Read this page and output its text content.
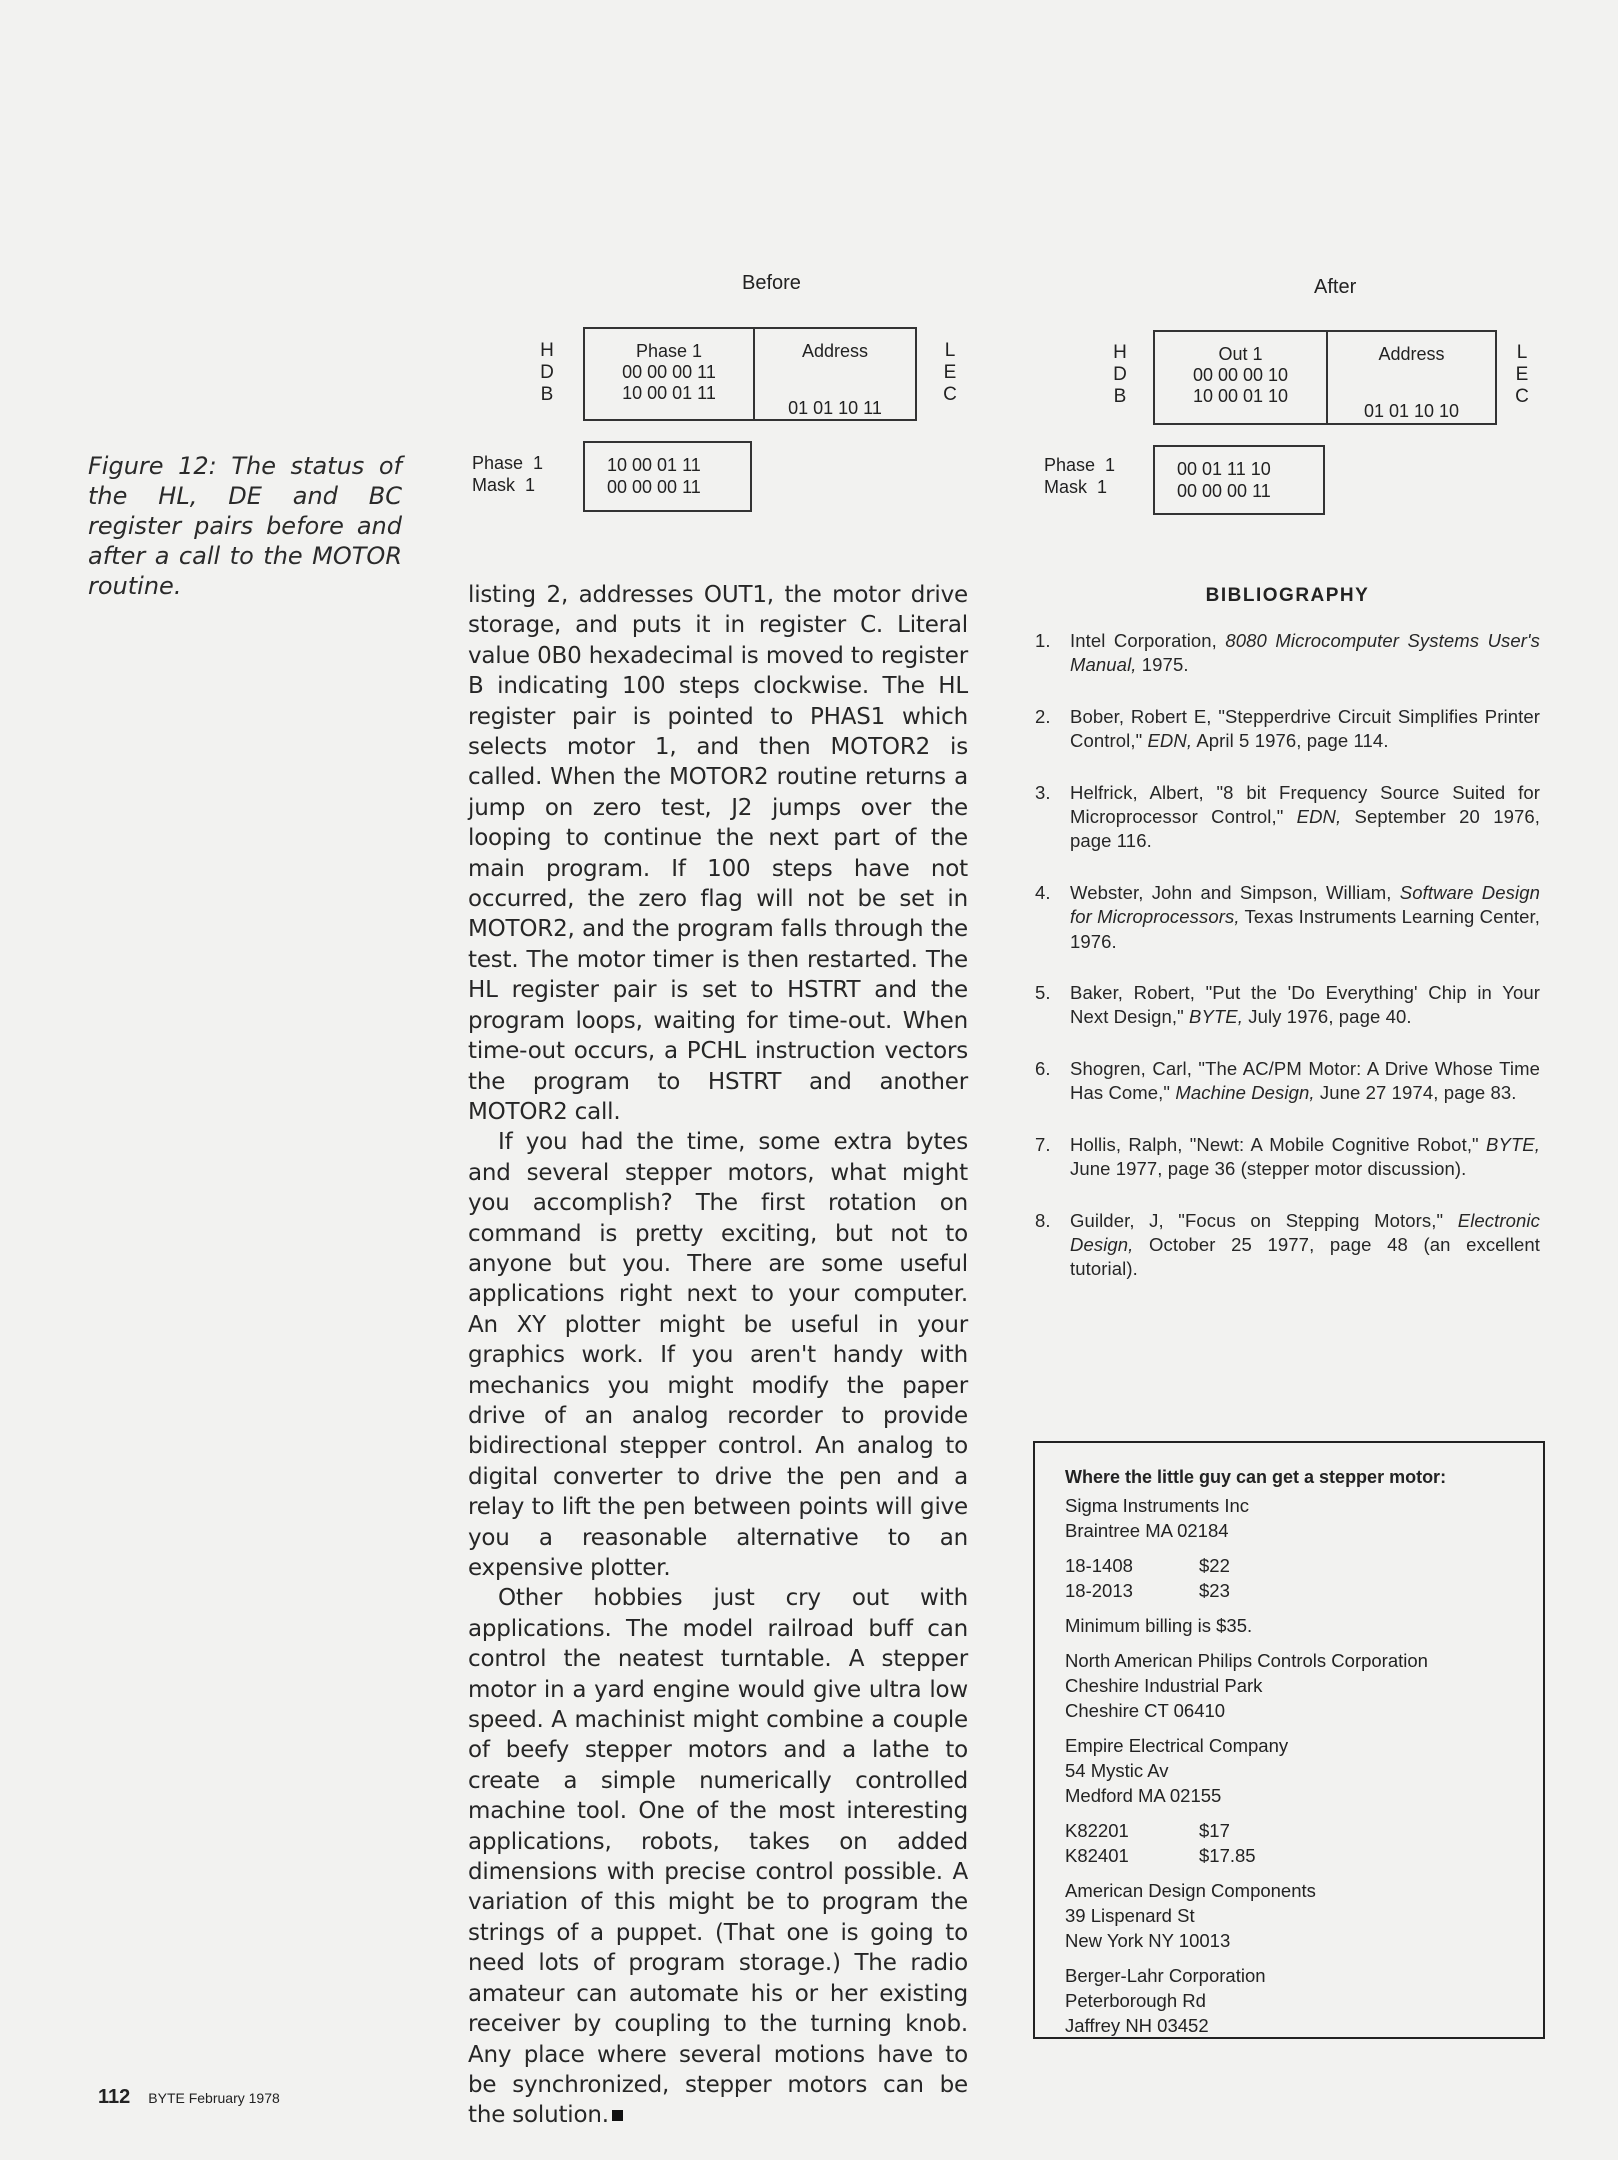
Before
H
D
B
Phase 1
00 00 00 11
10 00 01 11
Address
01 01 10 11
L
E
C
Phase  1
Mask  1
10 00 01 11
00 00 00 11
After
H
D
B
Out 1
00 00 00 10
10 00 01 10
Address
01 01 10 10
L
E
C
Phase  1
Mask  1
00 01 11 10
00 00 00 11
Figure 12: The status of the HL, DE and BC register pairs before and after a call to the MOTOR routine.	listing 2, addresses OUT1, the motor drive storage, and puts it in register C. Literal value 0B0 hexadecimal is moved to register B indicating 100 steps clockwise. The HL register pair is pointed to PHAS1 which selects motor 1, and then MOTOR2 is called. When the MOTOR2 routine returns a jump on zero test, J2 jumps over the looping to continue the next part of the main program. If 100 steps have not occurred, the zero flag will not be set in MOTOR2, and the program falls through the test. The motor timer is then restarted. The HL register pair is set to HSTRT and the program loops, waiting for time-out. When time-out occurs, a PCHL instruction vectors the program to HSTRT and another MOTOR2 call.

If you had the time, some extra bytes and several stepper motors, what might you accomplish? The first rotation on command is pretty exciting, but not to anyone but you. There are some useful applications right next to your computer. An XY plotter might be useful in your graphics work. If you aren't handy with mechanics you might modify the paper drive of an analog recorder to provide bidirectional stepper control. An analog to digital converter to drive the pen and a relay to lift the pen between points will give you a reasonable alternative to an expensive plotter.

Other hobbies just cry out with applications. The model railroad buff can control the neatest turntable. A stepper motor in a yard engine would give ultra low speed. A machinist might combine a couple of beefy stepper motors and a lathe to create a simple numerically controlled machine tool. One of the most interesting applications, robots, takes on added dimensions with precise control possible. A variation of this might be to program the strings of a puppet. (That one is going to need lots of program storage.) The radio amateur can automate his or her existing receiver by coupling to the turning knob. Any place where several motions have to be synchronized, stepper motors can be the solution.

BIBLIOGRAPHY
1. Intel Corporation, 8080 Microcomputer Systems User's Manual, 1975.
2. Bober, Robert E, "Stepperdrive Circuit Simplifies Printer Control," EDN, April 5 1976, page 114.
3. Helfrick, Albert, "8 bit Frequency Source Suited for Microprocessor Control," EDN, September 20 1976, page 116.
4. Webster, John and Simpson, William, Software Design for Microprocessors, Texas Instruments Learning Center, 1976.
5. Baker, Robert, "Put the 'Do Everything' Chip in Your Next Design," BYTE, July 1976, page 40.
6. Shogren, Carl, "The AC/PM Motor: A Drive Whose Time Has Come," Machine Design, June 27 1974, page 83.
7. Hollis, Ralph, "Newt: A Mobile Cognitive Robot," BYTE, June 1977, page 36 (stepper motor discussion).
8. Guilder, J, "Focus on Stepping Motors," Electronic Design, October 25 1977, page 48 (an excellent tutorial).
Where the little guy can get a stepper motor:
Sigma Instruments Inc
Braintree MA 02184
18-1408	$22
18-2013	$23
Minimum billing is $35.
North American Philips Controls Corporation
Cheshire Industrial Park
Cheshire CT 06410
Empire Electrical Company
54 Mystic Av
Medford MA 02155
K82201	$17
K82401	$17.85
American Design Components
39 Lispenard St
New York NY 10013
Berger-Lahr Corporation
Peterborough Rd
Jaffrey NH 03452
112 BYTE February 1978
